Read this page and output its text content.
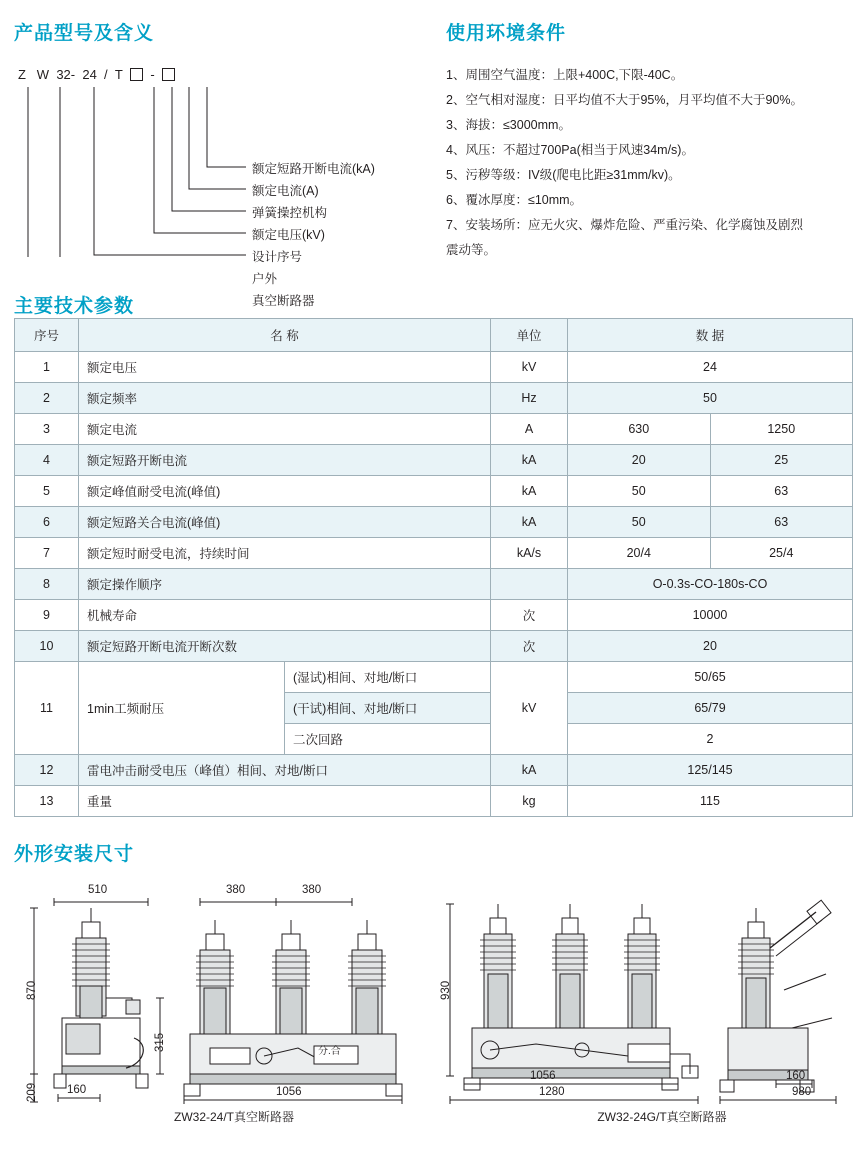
产品型号及含义
Z W 32- 24 / T -
额定短路开断电流(kA)
额定电流(A)
弹簧操控机构
额定电压(kV)
设计序号
户外
真空断路器
使用环境条件
1、周围空气温度：上限+400C,下限-40C。
2、空气相对湿度：日平均值不大于95%，月平均值不大于90%。
3、海拔：≤3000mm。
4、风压：不超过700Pa(相当于风速34m/s)。
5、污秽等级：IV级(爬电比距≥31mm/kv)。
6、覆冰厚度：≤10mm。
7、安装场所：应无火灾、爆炸危险、严重污染、化学腐蚀及剧烈
震动等。
主要技术参数
序号	名 称		单位	数 据	
1	额定电压		kV	24	
2	额定频率		Hz	50	
3	额定电流		A	630	1250
4	额定短路开断电流		kA	20	25
5	额定峰值耐受电流(峰值)		kA	50	63
6	额定短路关合电流(峰值)		kA	50	63
7	额定短时耐受电流，持续时间		kA/s	20/4	25/4
8	额定操作顺序			O-0.3s-CO-180s-CO	
9	机械寿命		次	10000	
10	额定短路开断电流开断次数		次	20	
11	1min工频耐压	(湿试)相间、对地/断口	kV	50/65	
		(干试)相间、对地/断口		65/79	
		二次回路		2	
12	雷电冲击耐受电压（峰值）相间、对地/断口		kA	125/145	
13	重量		kg	115	
外形安装尺寸
510
870
315
209	160
380	380
1056
分.合
930
1056
1280
160
980
ZW32-24/T真空断路器	ZW32-24G/T真空断路器
